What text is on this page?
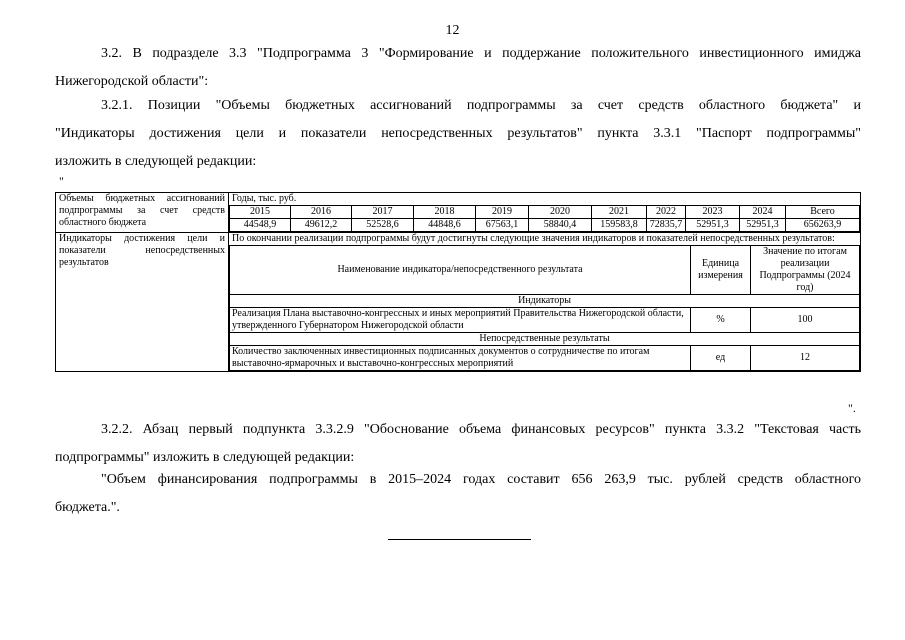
12
3.2. В подразделе 3.3 "Подпрограмма 3 "Формирование и поддержание положительного инвестиционного имиджа
Нижегородской области":
3.2.1. Позиции "Объемы бюджетных ассигнований подпрограммы за счет средств областного бюджета" и
"Индикаторы достижения цели и показатели непосредственных результатов" пункта 3.3.1 "Паспорт подпрограммы"
изложить в следующей редакции:
"
Объемы бюджетных ассигнований подпрограммы за счет средств областного бюджета	
Годы, тыс. руб.
2015	2016	2017	2018	2019	2020	2021	2022	2023	2024	Всего
44548,9	49612,2	52528,6	44848,6	67563,1	58840,4	159583,8	72835,7	52951,3	52951,3	656263,9

Индикаторы достижения цели и показатели непосредственных результатов	
По окончании реализации подпрограммы будут достигнуты следующие значения индикаторов и показателей непосредственных результатов:
Наименование индикатора/непосредственного результата	Единица измерения	Значение по итогам реализации Подпрограммы (2024 год)
Индикаторы
Реализация Плана выставочно-конгрессных и иных мероприятий Правительства Нижегородской области, утвержденного Губернатором Нижегородской области	%	100
Непосредственные результаты
Количество заключенных инвестиционных подписанных документов о сотрудничестве по итогам выставочно-ярмарочных и выставочно-конгрессных мероприятий	ед	12
".
3.2.2. Абзац первый подпункта 3.3.2.9 "Обоснование объема финансовых ресурсов" пункта 3.3.2 "Текстовая часть
подпрограммы" изложить в следующей редакции:
"Объем финансирования подпрограммы в 2015–2024 годах составит 656 263,9 тыс. рублей средств областного
бюджета.".
